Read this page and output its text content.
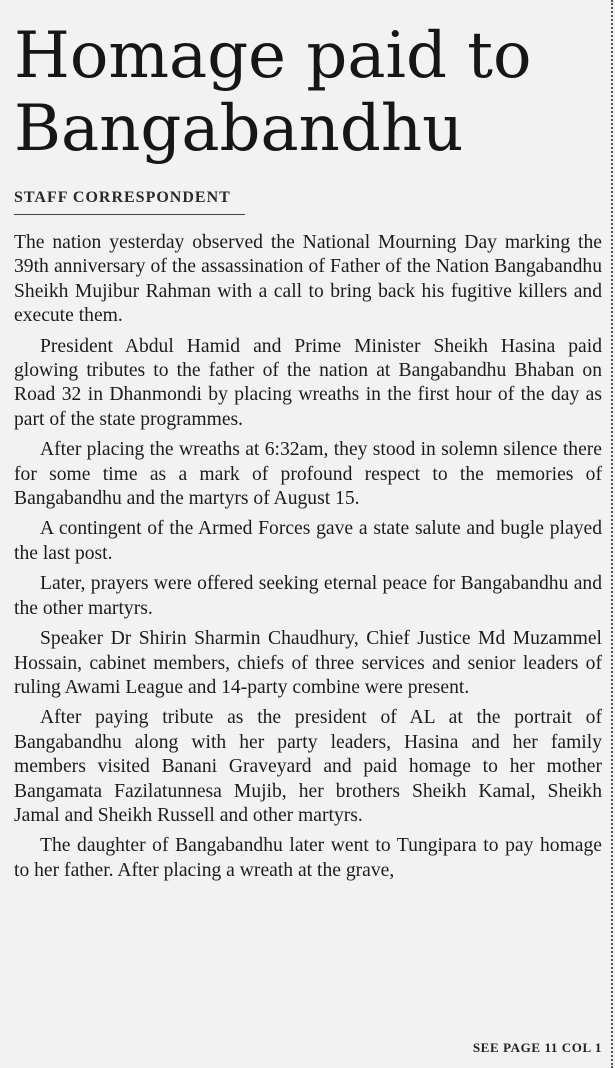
Homage paid to
Bangabandhu
STAFF CORRESPONDENT

The nation yesterday observed the National Mourning Day marking the 39th anniversary of the assassination of Father of the Nation Bangabandhu Sheikh Mujibur Rahman with a call to bring back his fugitive killers and execute them.

President Abdul Hamid and Prime Minister Sheikh Hasina paid glowing tributes to the father of the nation at Bangabandhu Bhaban on Road 32 in Dhanmondi by placing wreaths in the first hour of the day as part of the state programmes.

After placing the wreaths at 6:32am, they stood in solemn silence there for some time as a mark of profound respect to the memories of Bangabandhu and the martyrs of August 15.

A contingent of the Armed Forces gave a state salute and bugle played the last post.

Later, prayers were offered seeking eternal peace for Bangabandhu and the other martyrs.

Speaker Dr Shirin Sharmin Chaudhury, Chief Justice Md Muzammel Hossain, cabinet members, chiefs of three services and senior leaders of ruling Awami League and 14-party combine were present.

After paying tribute as the president of AL at the portrait of Bangabandhu along with her party leaders, Hasina and her family members visited Banani Graveyard and paid homage to her mother Bangamata Fazilatunnesa Mujib, her brothers Sheikh Kamal, Sheikh Jamal and Sheikh Russell and other martyrs.

The daughter of Bangabandhu later went to Tungipara to pay homage to her father. After placing a wreath at the grave,

SEE PAGE 11 COL 1
